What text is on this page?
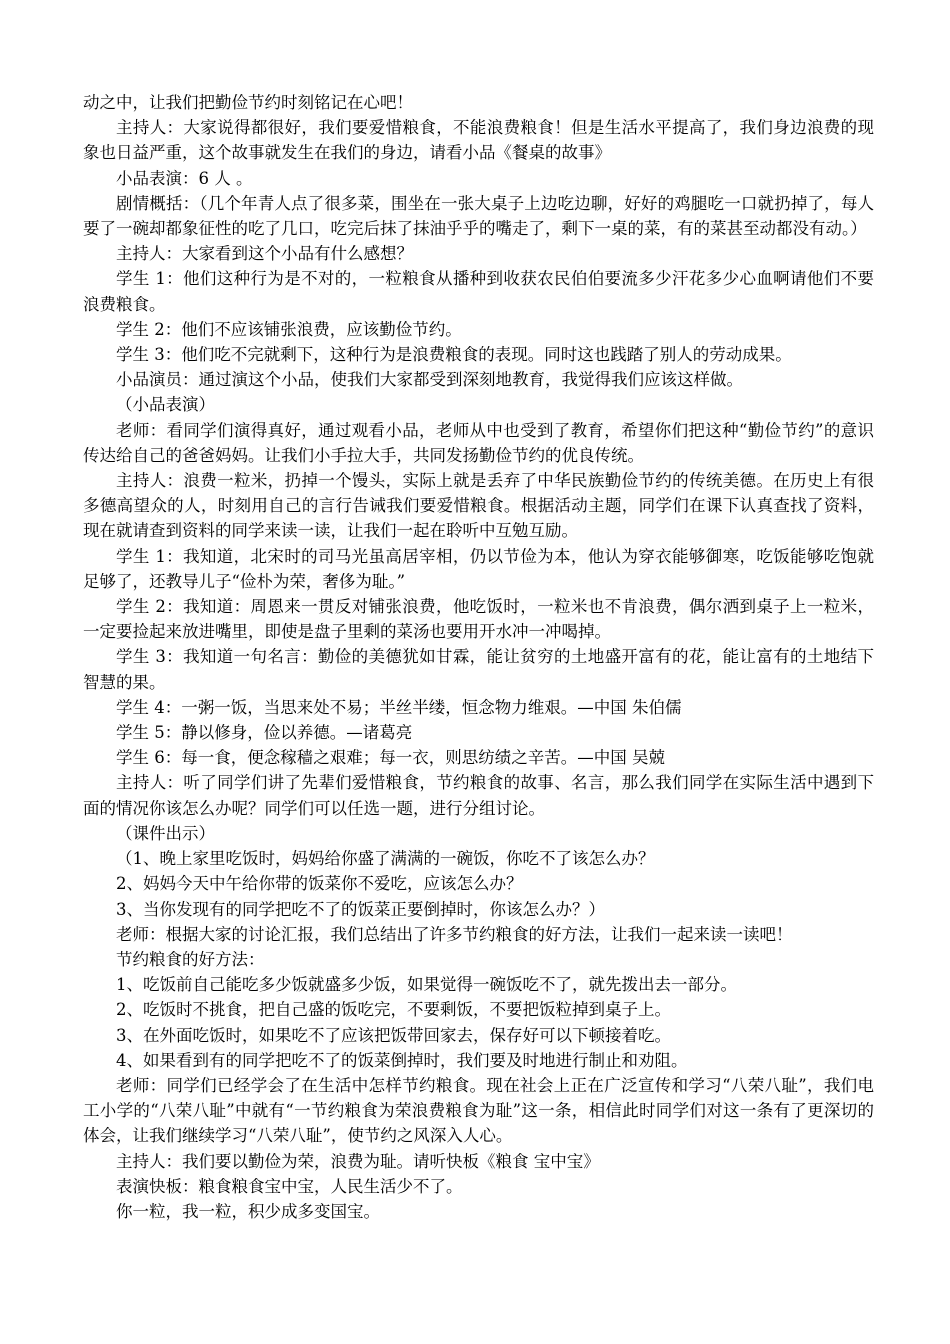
动之中，让我们把勤俭节约时刻铭记在心吧！

主持人：大家说得都很好，我们要爱惜粮食，不能浪费粮食！但是生活水平提高了，我们身边浪费的现象也日益严重，这个故事就发生在我们的身边，请看小品《餐桌的故事》

小品表演：6 人 。

剧情概括：（几个年青人点了很多菜，围坐在一张大桌子上边吃边聊，好好的鸡腿吃一口就扔掉了，每人要了一碗却都象征性的吃了几口，吃完后抹了抹油乎乎的嘴走了，剩下一桌的菜，有的菜甚至动都没有动。）

主持人：大家看到这个小品有什么感想？

学生 1：他们这种行为是不对的，一粒粮食从播种到收获农民伯伯要流多少汗花多少心血啊请他们不要浪费粮食。

学生 2：他们不应该铺张浪费，应该勤俭节约。

学生 3：他们吃不完就剩下，这种行为是浪费粮食的表现。同时这也践踏了别人的劳动成果。

小品演员：通过演这个小品，使我们大家都受到深刻地教育，我觉得我们应该这样做。

（小品表演）

老师：看同学们演得真好，通过观看小品，老师从中也受到了教育，希望你们把这种“勤俭节约”的意识传达给自己的爸爸妈妈。让我们小手拉大手，共同发扬勤俭节约的优良传统。

主持人：浪费一粒米，扔掉一个馒头，实际上就是丢弃了中华民族勤俭节约的传统美德。在历史上有很多德高望众的人，时刻用自己的言行告诫我们要爱惜粮食。根据活动主题，同学们在课下认真查找了资料，现在就请查到资料的同学来读一读，让我们一起在聆听中互勉互励。

学生 1：我知道，北宋时的司马光虽高居宰相，仍以节俭为本，他认为穿衣能够御寒，吃饭能够吃饱就足够了，还教导儿子“俭朴为荣，奢侈为耻。”

学生 2：我知道：周恩来一贯反对铺张浪费，他吃饭时，一粒米也不肯浪费，偶尔洒到桌子上一粒米，一定要捡起来放进嘴里，即使是盘子里剩的菜汤也要用开水冲一冲喝掉。

学生 3：我知道一句名言：勤俭的美德犹如甘霖，能让贫穷的土地盛开富有的花，能让富有的土地结下智慧的果。

学生 4：一粥一饭，当思来处不易；半丝半缕，恒念物力维艰。—中国 朱伯儒

学生 5：静以修身，俭以养德。—诸葛亮

学生 6：每一食，便念稼穑之艰难；每一衣，则思纺绩之辛苦。—中国 吴兢

主持人：听了同学们讲了先辈们爱惜粮食，节约粮食的故事、名言，那么我们同学在实际生活中遇到下面的情况你该怎么办呢？同学们可以任选一题，进行分组讨论。

（课件出示）

（1、晚上家里吃饭时，妈妈给你盛了满满的一碗饭，你吃不了该怎么办？

2、妈妈今天中午给你带的饭菜你不爱吃，应该怎么办？

3、当你发现有的同学把吃不了的饭菜正要倒掉时，你该怎么办？）

老师：根据大家的讨论汇报，我们总结出了许多节约粮食的好方法，让我们一起来读一读吧！

节约粮食的好方法：

1、吃饭前自己能吃多少饭就盛多少饭，如果觉得一碗饭吃不了，就先拨出去一部分。

2、吃饭时不挑食，把自己盛的饭吃完，不要剩饭，不要把饭粒掉到桌子上。

3、在外面吃饭时，如果吃不了应该把饭带回家去，保存好可以下顿接着吃。

4、如果看到有的同学把吃不了的饭菜倒掉时，我们要及时地进行制止和劝阻。

老师：同学们已经学会了在生活中怎样节约粮食。现在社会上正在广泛宣传和学习“八荣八耻”，我们电工小学的“八荣八耻”中就有“一节约粮食为荣浪费粮食为耻”这一条，相信此时同学们对这一条有了更深切的体会，让我们继续学习“八荣八耻”，使节约之风深入人心。

主持人：我们要以勤俭为荣，浪费为耻。请听快板《粮食 宝中宝》

表演快板：粮食粮食宝中宝，人民生活少不了。

你一粒，我一粒，积少成多变国宝。
